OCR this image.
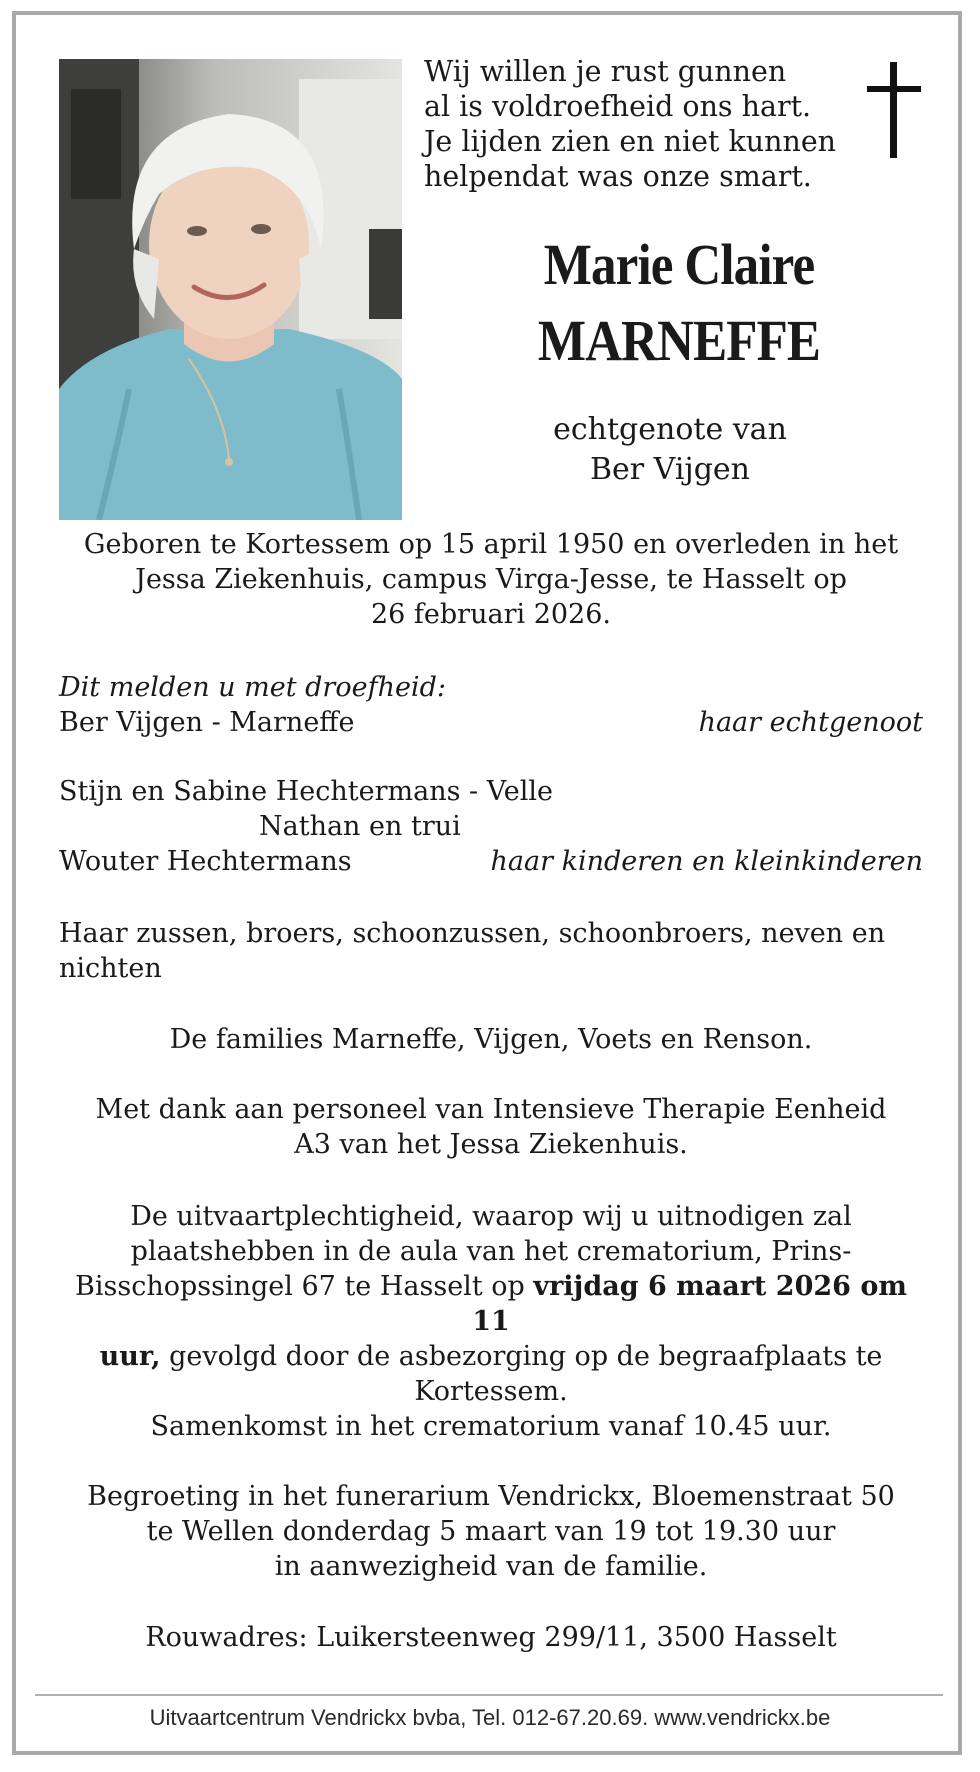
Wij willen je rust gunnen
al is voldroefheid ons hart.
Je lijden zien en niet kunnen
helpendat was onze smart.
Marie Claire
MARNEFFE
echtgenote van
Ber Vijgen
Geboren te Kortessem op 15 april 1950 en overleden in het
Jessa Ziekenhuis, campus Virga-Jesse, te Hasselt op
26 februari 2026.
Dit melden u met droefheid:
Ber Vijgen - Marneffe	haar echtgenoot
Stijn en Sabine Hechtermans - Velle
Nathan en trui
Wouter Hechtermans	haar kinderen en kleinkinderen
Haar zussen, broers, schoonzussen, schoonbroers, neven en
nichten
De families Marneffe, Vijgen, Voets en Renson.
Met dank aan personeel van Intensieve Therapie Eenheid
A3 van het Jessa Ziekenhuis.
De uitvaartplechtigheid, waarop wij u uitnodigen zal
plaatshebben in de aula van het crematorium, Prins-
Bisschopssingel 67 te Hasselt op vrijdag 6 maart 2026 om 11
uur, gevolgd door de asbezorging op de begraafplaats te
Kortessem.
Samenkomst in het crematorium vanaf 10.45 uur.
Begroeting in het funerarium Vendrickx, Bloemenstraat 50
te Wellen donderdag 5 maart van 19 tot 19.30 uur
in aanwezigheid van de familie.
Rouwadres: Luikersteenweg 299/11, 3500 Hasselt
Uitvaartcentrum Vendrickx bvba, Tel. 012-67.20.69. www.vendrickx.be
